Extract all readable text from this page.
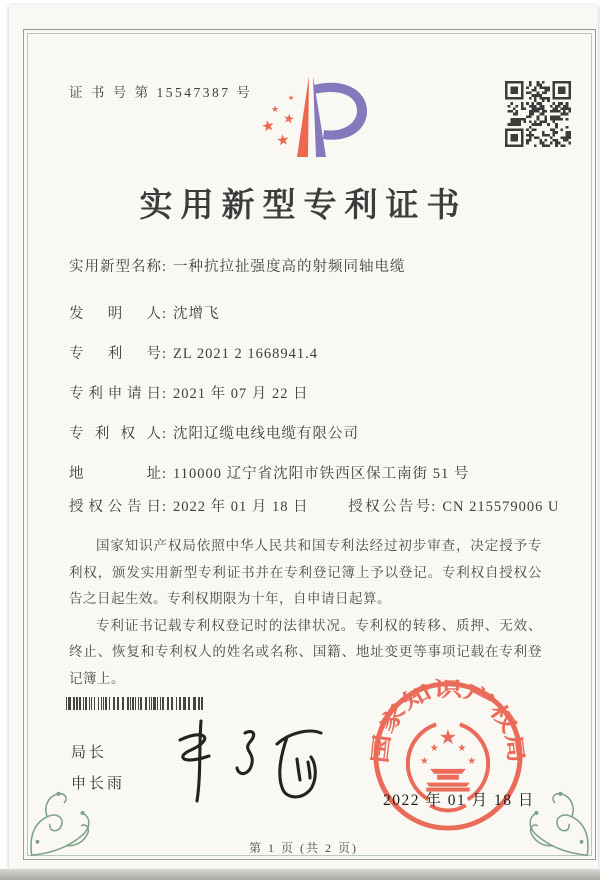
证 书 号 第 15547387 号
★ ★
★
★
★
实用新型专利证书
实用新型名称: 一种抗拉扯强度高的射频同轴电缆
发明人: 沈增飞
专利号: ZL 2021 2 1668941.4
专利申请日: 2021 年 07 月 22 日
专利权人: 沈阳辽缆电线电缆有限公司
地址: 110000 辽宁省沈阳市铁西区保工南街 51 号
授权公告日: 2022 年 01 月 18 日	授权公告号: CN 215579006 U

国家知识产权局依照中华人民共和国专利法经过初步审查，决定授予专利权，颁发实用新型专利证书并在专利登记簿上予以登记。专利权自授权公告之日起生效。专利权期限为十年，自申请日起算。

专利证书记载专利权登记时的法律状况。专利权的转移、质押、无效、终止、恢复和专利权人的姓名或名称、国籍、地址变更等事项记载在专利登记簿上。

局长
申长雨
国家知识产权局
★
★
★ ★
★
2022 年 01 月 18 日
第 1 页 (共 2 页)
